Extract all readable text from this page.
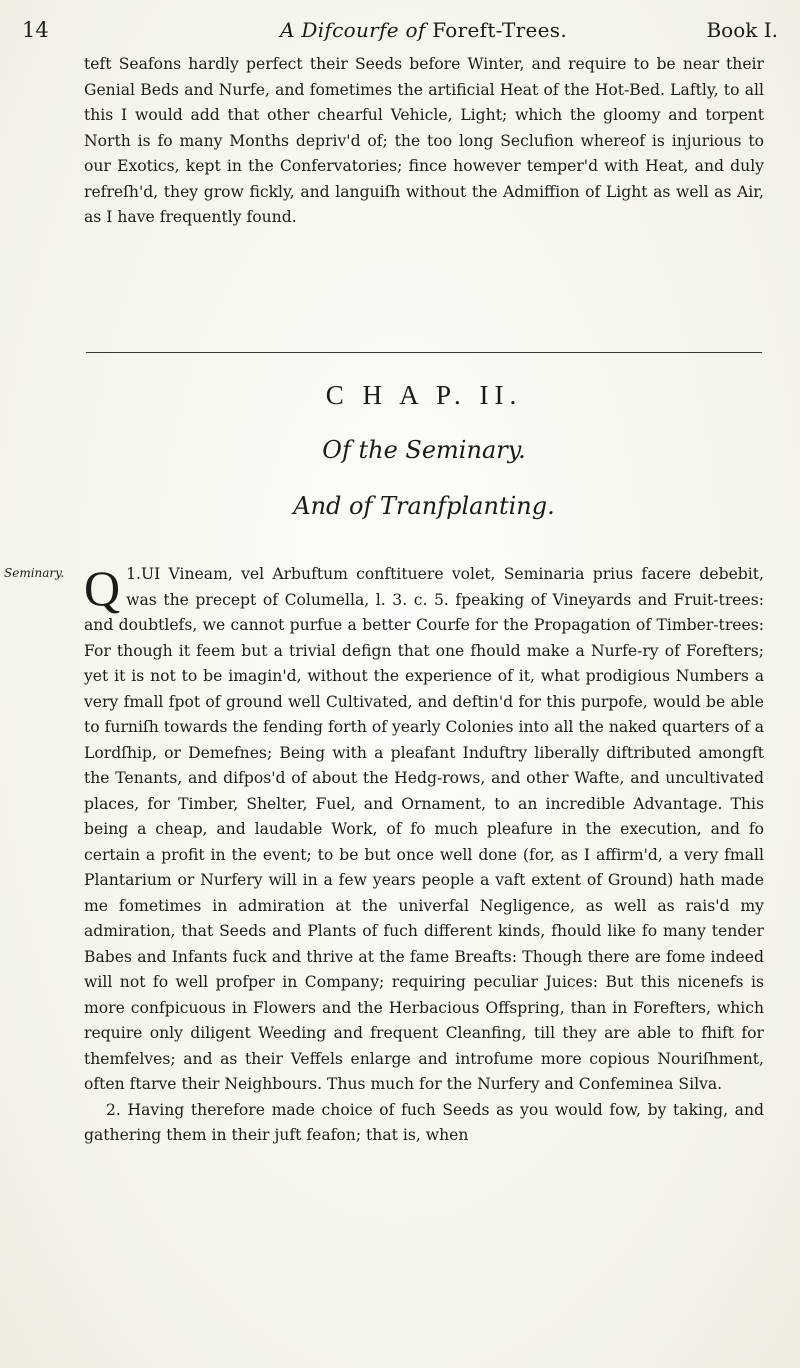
14	A Difcourfe of Foreft-Trees.	Book I.

teft Seafons hardly perfect their Seeds before Winter, and require to be near their Genial Beds and Nurfe, and fometimes the artificial Heat of the Hot-Bed. Laftly, to all this I would add that other chearful Vehicle, Light; which the gloomy and torpent North is fo many Months depriv'd of; the too long Seclufion whereof is injurious to our Exotics, kept in the Confervatories; fince however temper'd with Heat, and duly refreſh'd, they grow fickly, and languiſh without the Admiffion of Light as well as Air, as I have frequently found.

C H A P. II.
Of the Seminary.
And of Tranfplanting.
Seminary.	1.
Q UI Vineam, vel Arbuftum conftituere volet, Seminaria prius facere debebit, was the precept of Columella, l. 3. c. 5. fpeaking of Vineyards and Fruit-trees: and doubtlefs, we cannot purfue a better Courfe for the Propagation of Timber-trees: For though it feem but a trivial defign that one fhould make a Nurfe-ry of Forefters; yet it is not to be imagin'd, without the experience of it, what prodigious Numbers a very fmall fpot of ground well Cultivated, and deftin'd for this purpofe, would be able to furniſh towards the fending forth of yearly Colonies into all the naked quarters of a Lordſhip, or Demefnes; Being with a pleafant Induftry liberally diftributed amongft the Tenants, and difpos'd of about the Hedg-rows, and other Wafte, and uncultivated places, for Timber, Shelter, Fuel, and Ornament, to an incredible Advantage. This being a cheap, and laudable Work, of fo much pleafure in the execution, and fo certain a profit in the event; to be but once well done (for, as I affirm'd, a very fmall Plantarium or Nurfery will in a few years people a vaft extent of Ground) hath made me fometimes in admiration at the univerfal Negligence, as well as rais'd my admiration, that Seeds and Plants of fuch different kinds, fhould like fo many tender Babes and Infants fuck and thrive at the fame Breafts: Though there are fome indeed will not fo well profper in Company; requiring peculiar Juices: But this nicenefs is more confpicuous in Flowers and the Herbacious Offspring, than in Forefters, which require only diligent Weeding and frequent Cleanfing, till they are able to fhift for themfelves; and as their Veffels enlarge and introfume more copious Nouriſhment, often ftarve their Neighbours. Thus much for the Nurfery and Confeminea Silva.

2. Having therefore made choice of fuch Seeds as you would fow, by taking, and gathering them in their juft feafon; that is, when
